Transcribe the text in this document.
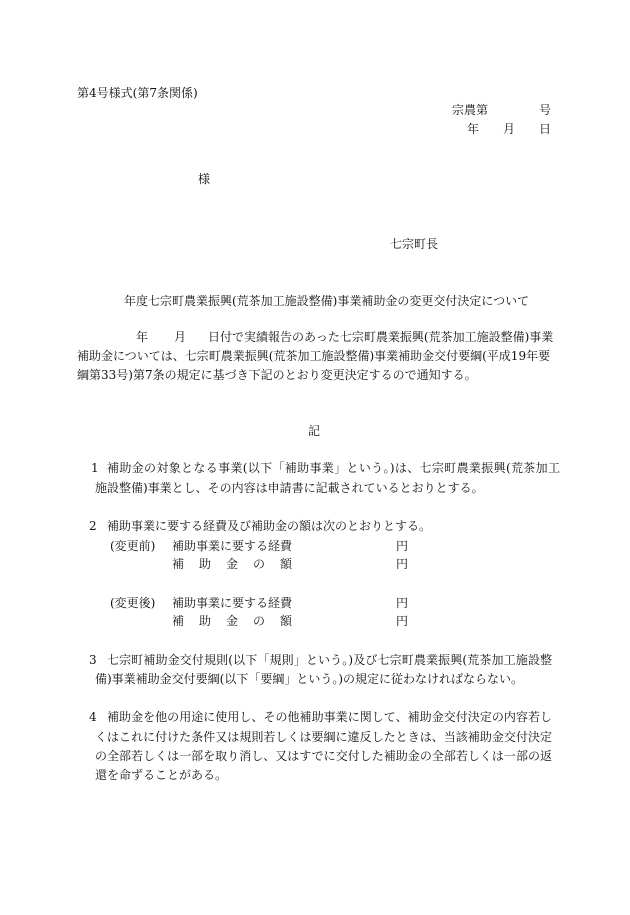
第4号様式(第7条関係)
宗農第	号
年 月 日
様
七宗町長
年度七宗町農業振興(荒茶加工施設整備)事業補助金の変更交付決定について
年 月 日付で実績報告のあった七宗町農業振興(荒茶加工施設整備)事業
補助金については、七宗町農業振興(荒茶加工施設整備)事業補助金交付要綱(平成19年要
綱第33号)第7条の規定に基づき下記のとおり変更決定するので通知する。
記
1 補助金の対象となる事業(以下「補助事業」という。)は、七宗町農業振興(荒茶加工
施設整備)事業とし、その内容は申請書に記載されているとおりとする。
2 補助事業に要する経費及び補助金の額は次のとおりとする。
(変更前) 補助事業に要する経費	円
補 助 金 の 額	円
(変更後) 補助事業に要する経費	円
補 助 金 の 額	円
3 七宗町補助金交付規則(以下「規則」という。)及び七宗町農業振興(荒茶加工施設整
備)事業補助金交付要綱(以下「要綱」という。)の規定に従わなければならない。
4 補助金を他の用途に使用し、その他補助事業に関して、補助金交付決定の内容若し
くはこれに付けた条件又は規則若しくは要綱に違反したときは、当該補助金交付決定
の全部若しくは一部を取り消し、又はすでに交付した補助金の全部若しくは一部の返
還を命ずることがある。
